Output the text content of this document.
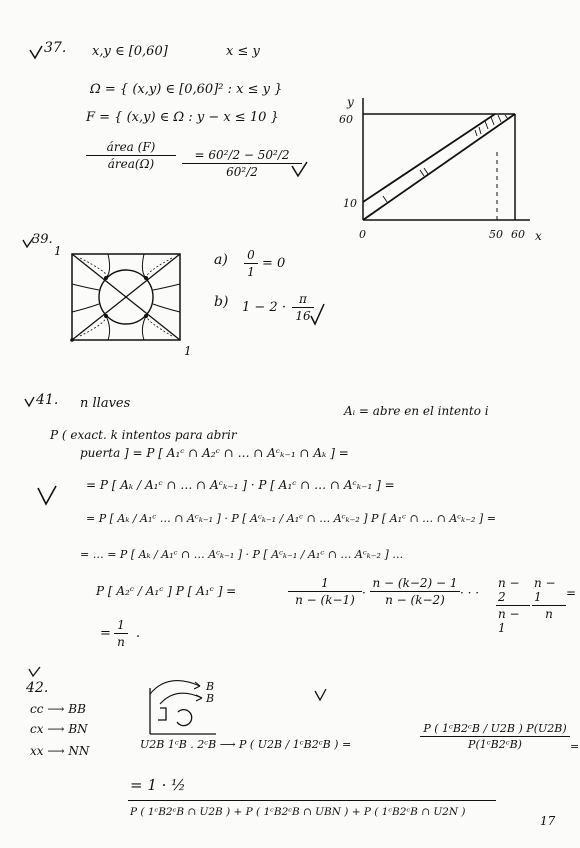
37. x,y ∈ [0,60]	x ≤ y
Ω = { (x,y) ∈ [0,60]² : x ≤ y }
F = { (x,y) ∈ Ω : y − x ≤ 10 }
área (F)
área(Ω)
= 60²/2 − 50²/2
60²/2
y
x
60
10
0	50 60
39.
1
1
a) 0
1
= 0
b) 1 − 2 ·
π
16
41. n llaves	Aᵢ = abre en el intento i
P ( exact. k intentos para abrir
puerta ] = P [ A₁ᶜ ∩ A₂ᶜ ∩ … ∩ Aᶜₖ₋₁ ∩ Aₖ ] =
= P [ Aₖ / A₁ᶜ ∩ … ∩ Aᶜₖ₋₁ ] · P [ A₁ᶜ ∩ … ∩ Aᶜₖ₋₁ ] =
= P [ Aₖ / A₁ᶜ … ∩ Aᶜₖ₋₁ ] · P [ Aᶜₖ₋₁ / A₁ᶜ ∩ … Aᶜₖ₋₂ ] P [ A₁ᶜ ∩ … ∩ Aᶜₖ₋₂ ] =
= … = P [ Aₖ / A₁ᶜ ∩ … Aᶜₖ₋₁ ] · P [ Aᶜₖ₋₁ / A₁ᶜ ∩ … Aᶜₖ₋₂ ] …
P [ A₂ᶜ / A₁ᶜ ] P [ A₁ᶜ ] =
1
n − (k−1) ·
n − (k−2) − 1
n − (k−2) · · ·
n − 2
n − 1
n − 1
n
=
=
1
n
.
42.
cc ⟶ BB
cx ⟶ BN
xx ⟶ NN
B
B
U2B 1ᶜB . 2ᶜB ⟶ P ( U2B / 1ᶜB2ᶜB ) =
P ( 1ᶜB2ᶜB / U2B ) P(U2B)
P(1ᶜB2ᶜB)	=
= 1 · ½
P ( 1ᶜB2ᶜB ∩ U2B ) + P ( 1ᶜB2ᶜB ∩ UBN ) + P ( 1ᶜB2ᶜB ∩ U2N )
17
